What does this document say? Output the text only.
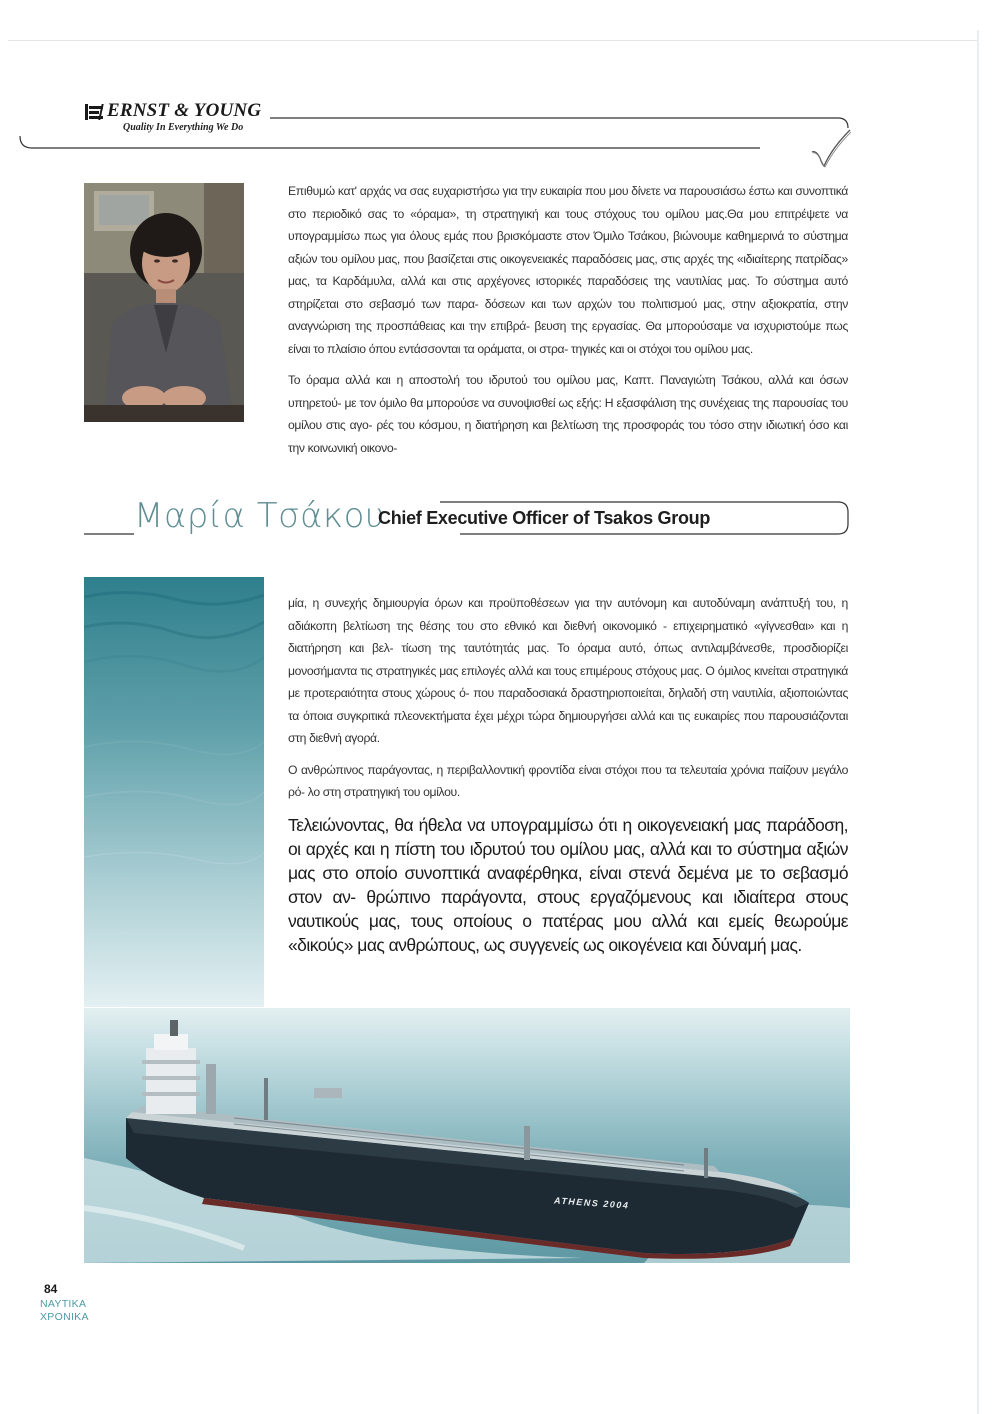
ERNST & YOUNG
Quality In Everything We Do

Επιθυμώ κατ' αρχάς να σας ευχαριστήσω για την ευκαιρία που μου δίνετε να παρουσιάσω έστω και συνοπτικά στο περιοδικό σας το «όραμα», τη στρατηγική και τους στόχους του ομίλου μας.Θα μου επιτρέψετε να υπογραμμίσω πως για όλους εμάς που βρισκόμαστε στον Όμιλο Τσάκου, βιώνουμε καθημερινά το σύστημα αξιών του ομίλου μας, που βασίζεται στις οικογενειακές παραδόσεις μας, στις αρχές της «ιδιαίτερης πατρίδας» μας, τα Καρδάμυλα, αλλά και στις αρχέγονες ιστορικές παραδόσεις της ναυτιλίας μας. Το σύστημα αυτό στηρίζεται στο σεβασμό των παρα- δόσεων και των αρχών του πολιτισμού μας, στην αξιοκρατία, στην αναγνώριση της προσπάθειας και την επιβρά- βευση της εργασίας. Θα μπορούσαμε να ισχυριστούμε πως είναι το πλαίσιο όπου εντάσσονται τα οράματα, οι στρα- τηγικές και οι στόχοι του ομίλου μας.

Το όραμα αλλά και η αποστολή του ιδρυτού του ομίλου μας, Καπτ. Παναγιώτη Τσάκου, αλλά και όσων υπηρετού- με τον όμιλο θα μπορούσε να συνοψισθεί ως εξής: Η εξασφάλιση της συνέχειας της παρουσίας του ομίλου στις αγο- ρές του κόσμου, η διατήρηση και βελτίωση της προσφοράς του τόσο στην ιδιωτική όσο και την κοινωνική οικονο-

Μαρία Τσάκου
Chief Executive Officer of Tsakos Group

μία, η συνεχής δημιουργία όρων και προϋποθέσεων για την αυτόνομη και αυτοδύναμη ανάπτυξή του, η αδιάκοπη βελτίωση της θέσης του στο εθνικό και διεθνή οικονομικό - επιχειρηματικό «γίγνεσθαι» και η διατήρηση και βελ- τίωση της ταυτότητάς μας. Το όραμα αυτό, όπως αντιλαμβάνεσθε, προσδιορίζει μονοσήμαντα τις στρατηγικές μας επιλογές αλλά και τους επιμέρους στόχους μας. Ο όμιλος κινείται στρατηγικά με προτεραιότητα στους χώρους ό- που παραδοσιακά δραστηριοποιείται, δηλαδή στη ναυτιλία, αξιοποιώντας τα όποια συγκριτικά πλεονεκτήματα έχει μέχρι τώρα δημιουργήσει αλλά και τις ευκαιρίες που παρουσιάζονται στη διεθνή αγορά.

Ο ανθρώπινος παράγοντας, η περιβαλλοντική φροντίδα είναι στόχοι που τα τελευταία χρόνια παίζουν μεγάλο ρό- λο στη στρατηγική του ομίλου.

Τελειώνοντας, θα ήθελα να υπογραμμίσω ότι η οικογενειακή μας παράδοση, οι αρχές και η πίστη του ιδρυτού του ομίλου μας, αλλά και το σύστημα αξιών μας στο οποίο συνοπτικά αναφέρθηκα, είναι στενά δεμένα με το σεβασμό στον αν- θρώπινο παράγοντα, στους εργαζόμενους και ιδιαίτερα στους ναυτικούς μας, τους οποίους ο πατέρας μου αλλά και εμείς θεωρούμε «δικούς» μας ανθρώπους, ως συγγενείς ως οικογένεια και δύναμή μας.
ATHENS 2004
84
ΝΑΥΤΙΚΑ
ΧΡΟΝΙΚΑ
